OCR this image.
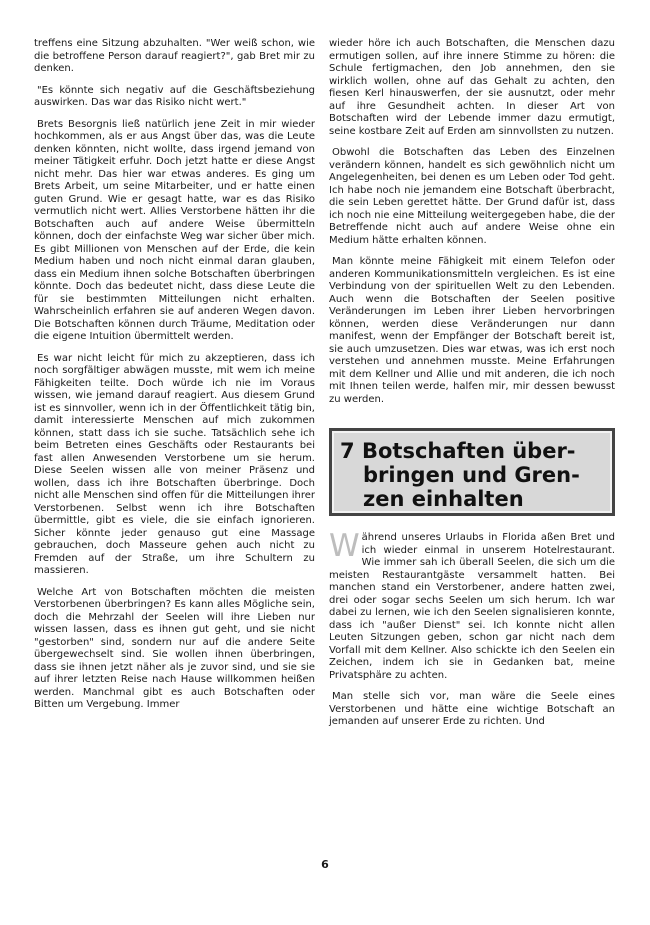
treffens eine Sitzung abzuhalten. "Wer weiß schon, wie die betroffene Person darauf reagiert?", gab Bret mir zu denken.

"Es könnte sich negativ auf die Geschäftsbeziehung auswirken. Das war das Risiko nicht wert."

Brets Besorgnis ließ natürlich jene Zeit in mir wieder hochkommen, als er aus Angst über das, was die Leute denken könnten, nicht wollte, dass irgend jemand von meiner Tätigkeit erfuhr. Doch jetzt hatte er diese Angst nicht mehr. Das hier war etwas anderes. Es ging um Brets Arbeit, um seine Mitarbeiter, und er hatte einen guten Grund. Wie er gesagt hatte, war es das Risiko vermutlich nicht wert. Allies Verstorbene hätten ihr die Botschaften auch auf andere Weise übermitteln können, doch der einfachste Weg war sicher über mich. Es gibt Millionen von Menschen auf der Erde, die kein Medium haben und noch nicht einmal daran glauben, dass ein Medium ihnen solche Botschaften überbringen könnte. Doch das bedeutet nicht, dass diese Leute die für sie bestimmten Mitteilungen nicht erhalten. Wahrscheinlich erfahren sie auf anderen Wegen davon. Die Botschaften können durch Träume, Meditation oder die eigene Intuition übermittelt werden.

Es war nicht leicht für mich zu akzeptieren, dass ich noch sorgfältiger abwägen musste, mit wem ich meine Fähigkeiten teilte. Doch würde ich nie im Voraus wissen, wie jemand darauf reagiert. Aus diesem Grund ist es sinnvoller, wenn ich in der Öffentlichkeit tätig bin, damit interessierte Menschen auf mich zukommen können, statt dass ich sie suche. Tatsächlich sehe ich beim Betreten eines Geschäfts oder Restaurants bei fast allen Anwesenden Verstorbene um sie herum. Diese Seelen wissen alle von meiner Präsenz und wollen, dass ich ihre Botschaften überbringe. Doch nicht alle Menschen sind offen für die Mitteilungen ihrer Verstorbenen. Selbst wenn ich ihre Botschaften übermittle, gibt es viele, die sie einfach ignorieren. Sicher könnte jeder genauso gut eine Massage gebrauchen, doch Masseure gehen auch nicht zu Fremden auf der Straße, um ihre Schultern zu massieren.

Welche Art von Botschaften möchten die meisten Verstorbenen überbringen? Es kann alles Mögliche sein, doch die Mehrzahl der Seelen will ihre Lieben nur wissen lassen, dass es ihnen gut geht, und sie nicht "gestorben" sind, sondern nur auf die andere Seite übergewechselt sind. Sie wollen ihnen überbringen, dass sie ihnen jetzt näher als je zuvor sind, und sie sie auf ihrer letzten Reise nach Hause willkommen heißen werden. Manchmal gibt es auch Botschaften oder Bitten um Vergebung. Immer

wieder höre ich auch Botschaften, die Menschen dazu ermutigen sollen, auf ihre innere Stimme zu hören: die Schule fertigmachen, den Job annehmen, den sie wirklich wollen, ohne auf das Gehalt zu achten, den fiesen Kerl hinauswerfen, der sie ausnutzt, oder mehr auf ihre Gesundheit achten. In dieser Art von Botschaften wird der Lebende immer dazu ermutigt, seine kostbare Zeit auf Erden am sinnvollsten zu nutzen.

Obwohl die Botschaften das Leben des Einzelnen verändern können, handelt es sich gewöhnlich nicht um Angelegenheiten, bei denen es um Leben oder Tod geht. Ich habe noch nie jemandem eine Botschaft überbracht, die sein Leben gerettet hätte. Der Grund dafür ist, dass ich noch nie eine Mitteilung weitergegeben habe, die der Betreffende nicht auch auf andere Weise ohne ein Medium hätte erhalten können.

Man könnte meine Fähigkeit mit einem Telefon oder anderen Kommunikationsmitteln vergleichen. Es ist eine Verbindung von der spirituellen Welt zu den Lebenden. Auch wenn die Botschaften der Seelen positive Veränderungen im Leben ihrer Lieben hervorbringen können, werden diese Veränderungen nur dann manifest, wenn der Empfänger der Botschaft bereit ist, sie auch umzusetzen. Dies war etwas, was ich erst noch verstehen und annehmen musste. Meine Erfahrungen mit dem Kellner und Allie und mit anderen, die ich noch mit Ihnen teilen werde, halfen mir, mir dessen bewusst zu werden.

7 Botschaften über-
bringen und Gren-
zen einhalten

Während unseres Urlaubs in Florida aßen Bret und ich wieder einmal in unserem Hotelrestaurant. Wie immer sah ich überall Seelen, die sich um die meisten Restaurantgäste versammelt hatten. Bei manchen stand ein Verstorbener, andere hatten zwei, drei oder sogar sechs Seelen um sich herum. Ich war dabei zu lernen, wie ich den Seelen signalisieren konnte, dass ich "außer Dienst" sei. Ich konnte nicht allen Leuten Sitzungen geben, schon gar nicht nach dem Vorfall mit dem Kellner. Also schickte ich den Seelen ein Zeichen, indem ich sie in Gedanken bat, meine Privatsphäre zu achten.

Man stelle sich vor, man wäre die Seele eines Verstorbenen und hätte eine wichtige Botschaft an jemanden auf unserer Erde zu richten. Und

6
